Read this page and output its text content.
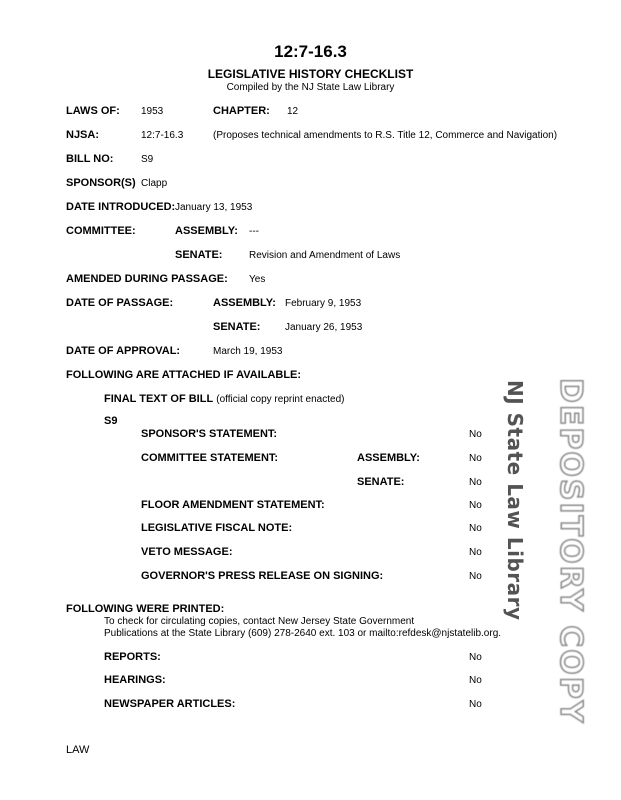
12:7-16.3
LEGISLATIVE HISTORY CHECKLIST
Compiled by the NJ State Law Library
LAWS OF: 1953	CHAPTER: 12
NJSA:	12:7-16.3	(Proposes technical amendments to R.S. Title 12, Commerce and Navigation)
BILL NO:	S9
SPONSOR(S) Clapp
DATE INTRODUCED: January 13, 1953
COMMITTEE:	ASSEMBLY: ---
SENATE:	Revision and Amendment of Laws
AMENDED DURING PASSAGE: Yes
DATE OF PASSAGE:	ASSEMBLY: February 9, 1953
SENATE: January 26, 1953
DATE OF APPROVAL:	March 19, 1953
FOLLOWING ARE ATTACHED IF AVAILABLE:
FINAL TEXT OF BILL (official copy reprint enacted)
S9
SPONSOR'S STATEMENT:	No
COMMITTEE STATEMENT:	ASSEMBLY:	No
SENATE:	No
FLOOR AMENDMENT STATEMENT:	No
LEGISLATIVE FISCAL NOTE:	No
VETO MESSAGE:	No
GOVERNOR'S PRESS RELEASE ON SIGNING:	No
FOLLOWING WERE PRINTED:
To check for circulating copies, contact New Jersey State Government
Publications at the State Library (609) 278-2640 ext. 103 or mailto:refdesk@njstatelib.org.
REPORTS:	No
HEARINGS:	No
NEWSPAPER ARTICLES:	No
LAW
NJ State Law Library DEPOSITORY COPY
